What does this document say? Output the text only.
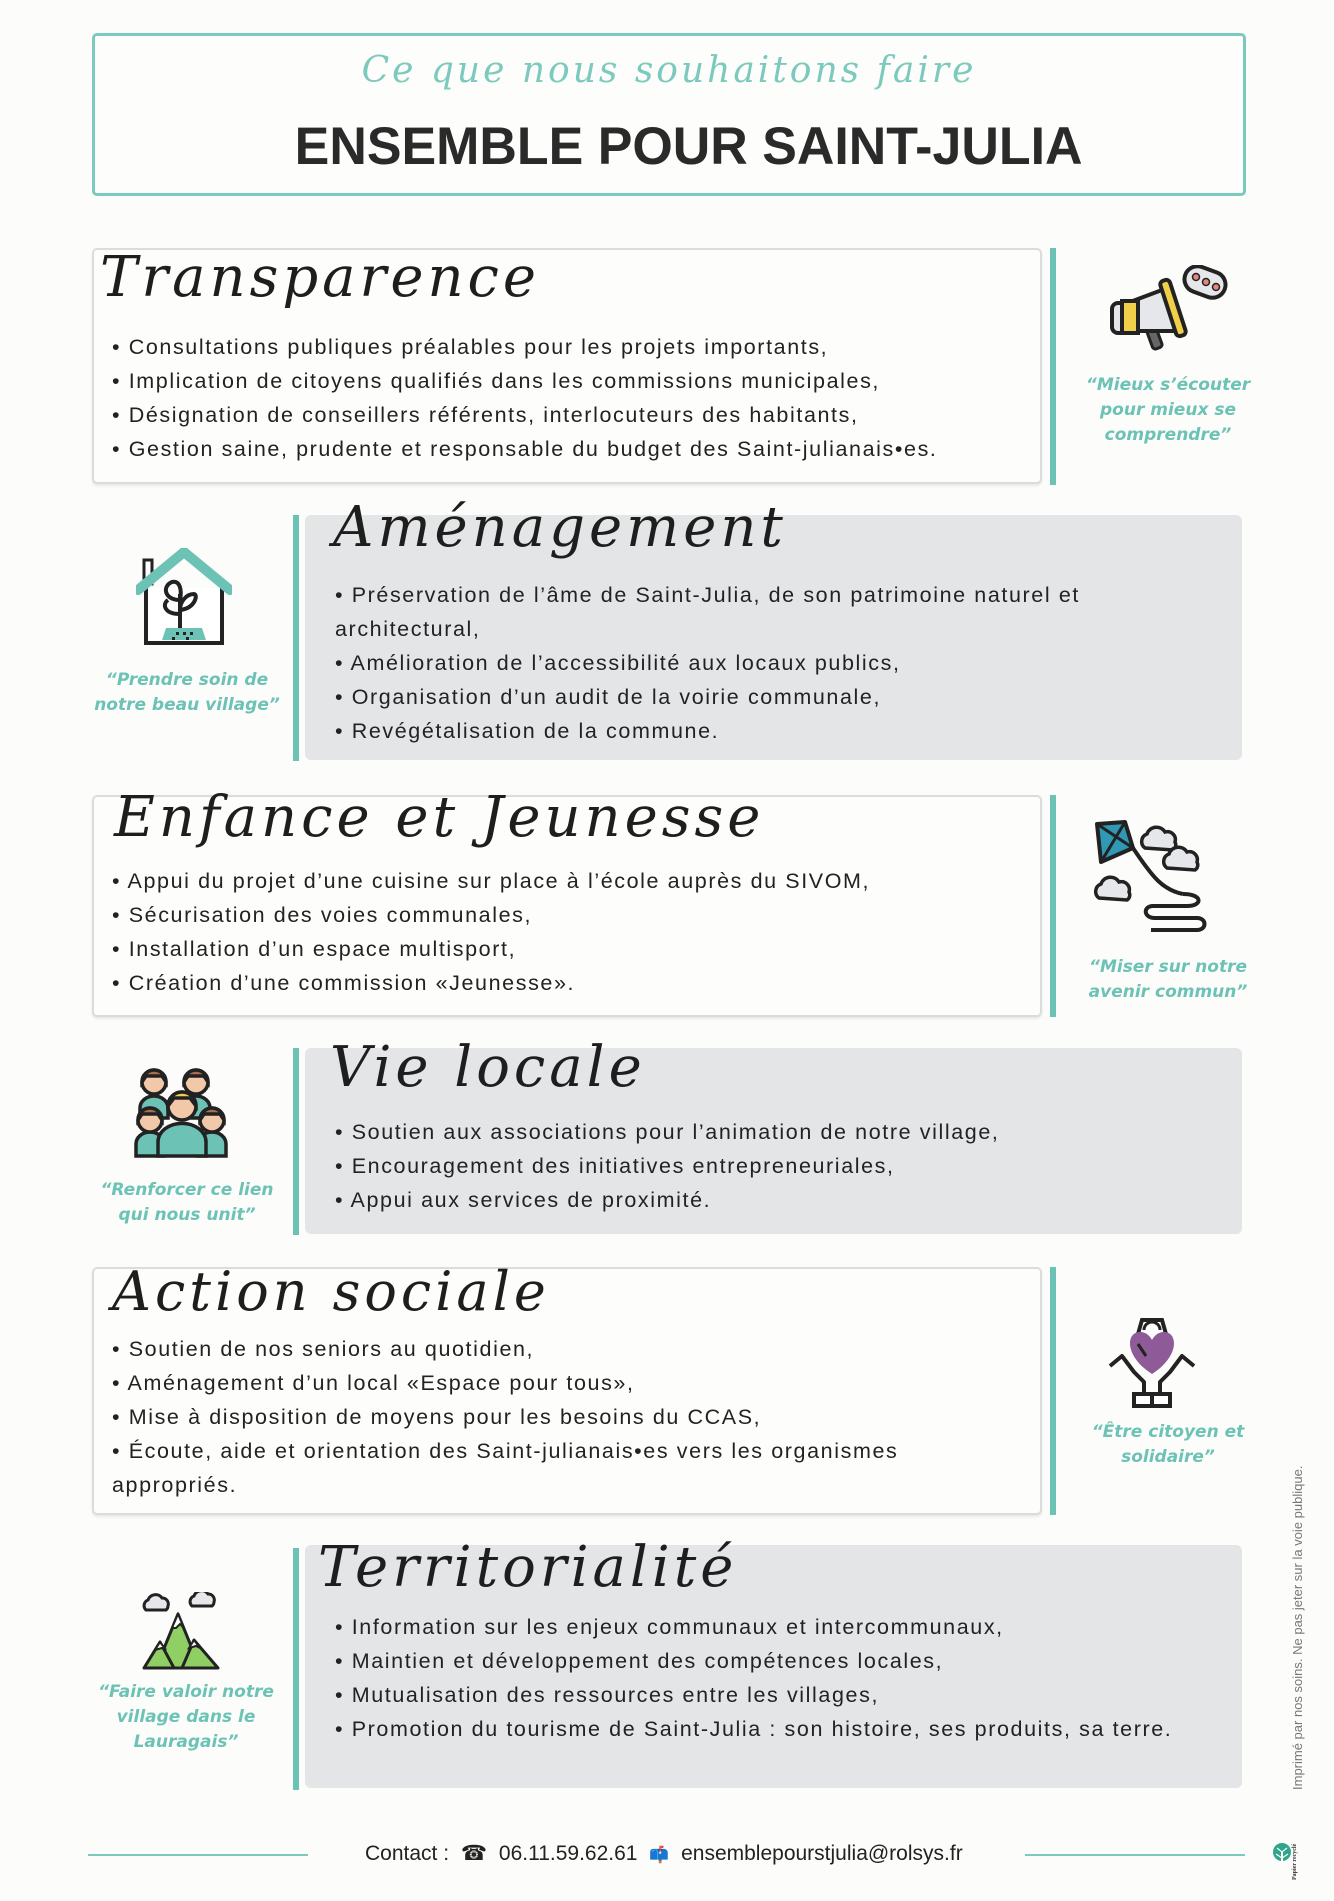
Ce que nous souhaitons faire
ENSEMBLE POUR SAINT-JULIA
Transparence
• Consultations publiques préalables pour les projets importants,
• Implication de citoyens qualifiés dans les commissions municipales,
• Désignation de conseillers référents, interlocuteurs des habitants,
• Gestion saine, prudente et responsable du budget des Saint-julianais•es.
“Mieux s’écouter pour mieux se comprendre”
“Prendre soin de notre beau village”
Aménagement
• Préservation de l’âme de Saint-Julia, de son patrimoine naturel et architectural,
• Amélioration de l’accessibilité aux locaux publics,
• Organisation d’un audit de la voirie communale,
• Revégétalisation de la commune.
Enfance et Jeunesse
• Appui du projet d’une cuisine sur place à l’école auprès du SIVOM,
• Sécurisation des voies communales,
• Installation d’un espace multisport,
• Création d’une commission «Jeunesse».
“Miser sur notre avenir commun”
“Renforcer ce lien qui nous unit”
Vie locale
• Soutien aux associations pour l’animation de notre village,
• Encouragement des initiatives entrepreneuriales,
• Appui aux services de proximité.
Action sociale
• Soutien de nos seniors au quotidien,
• Aménagement d’un local «Espace pour tous»,
• Mise à disposition de moyens pour les besoins du CCAS,
• Écoute, aide et orientation des Saint-julianais•es vers les organismes appropriés.
“Être citoyen et solidaire”
“Faire valoir notre village dans le Lauragais”
Territorialité
• Information sur les enjeux communaux et intercommunaux,
• Maintien et développement des compétences locales,
• Mutualisation des ressources entre les villages,
• Promotion du tourisme de Saint-Julia : son histoire, ses produits, sa terre.
Contact : ☎ 06.11.59.62.61 📫 ensemblepourstjulia@rolsys.fr
Imprimé par nos soins. Ne pas jeter sur la voie publique.
Papier recyclé
